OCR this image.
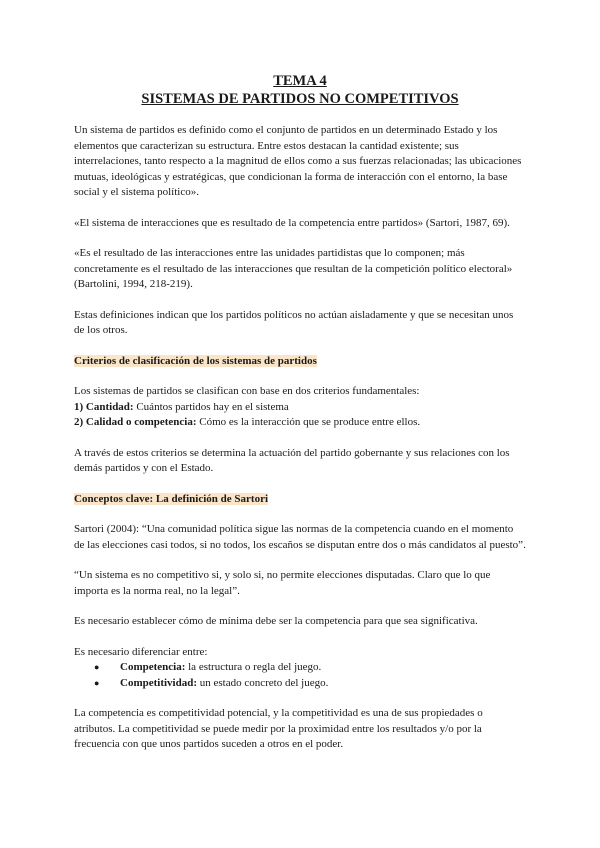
TEMA 4
SISTEMAS DE PARTIDOS NO COMPETITIVOS

Un sistema de partidos es definido como el conjunto de partidos en un determinado Estado y los elementos que caracterizan su estructura. Entre estos destacan la cantidad existente; sus interrelaciones, tanto respecto a la magnitud de ellos como a sus fuerzas relacionadas; las ubicaciones mutuas, ideológicas y estratégicas, que condicionan la forma de interacción con el entorno, la base social y el sistema político».

«El sistema de interacciones que es resultado de la competencia entre partidos» (Sartori, 1987, 69).

«Es el resultado de las interacciones entre las unidades partidistas que lo componen; más concretamente es el resultado de las interacciones que resultan de la competición político electoral» (Bartolini, 1994, 218-219).

Estas definiciones indican que los partidos políticos no actúan aisladamente y que se necesitan unos de los otros.

Criterios de clasificación de los sistemas de partidos
Los sistemas de partidos se clasifican con base en dos criterios fundamentales:
1) Cantidad: Cuántos partidos hay en el sistema
2) Calidad o competencia: Cómo es la interacción que se produce entre ellos.

A través de estos criterios se determina la actuación del partido gobernante y sus relaciones con los demás partidos y con el Estado.

Conceptos clave: La definición de Sartori

Sartori (2004): “Una comunidad política sigue las normas de la competencia cuando en el momento de las elecciones casi todos, si no todos, los escaños se disputan entre dos o más candidatos al puesto”.

“Un sistema es no competitivo si, y solo si, no permite elecciones disputadas. Claro que lo que importa es la norma real, no la legal”.

Es necesario establecer cómo de mínima debe ser la competencia para que sea significativa.

Es necesario diferenciar entre:

●	Competencia: la estructura o regla del juego.
●	Competitividad: un estado concreto del juego.

La competencia es competitividad potencial, y la competitividad es una de sus propiedades o atributos. La competitividad se puede medir por la proximidad entre los resultados y/o por la frecuencia con que unos partidos suceden a otros en el poder.
